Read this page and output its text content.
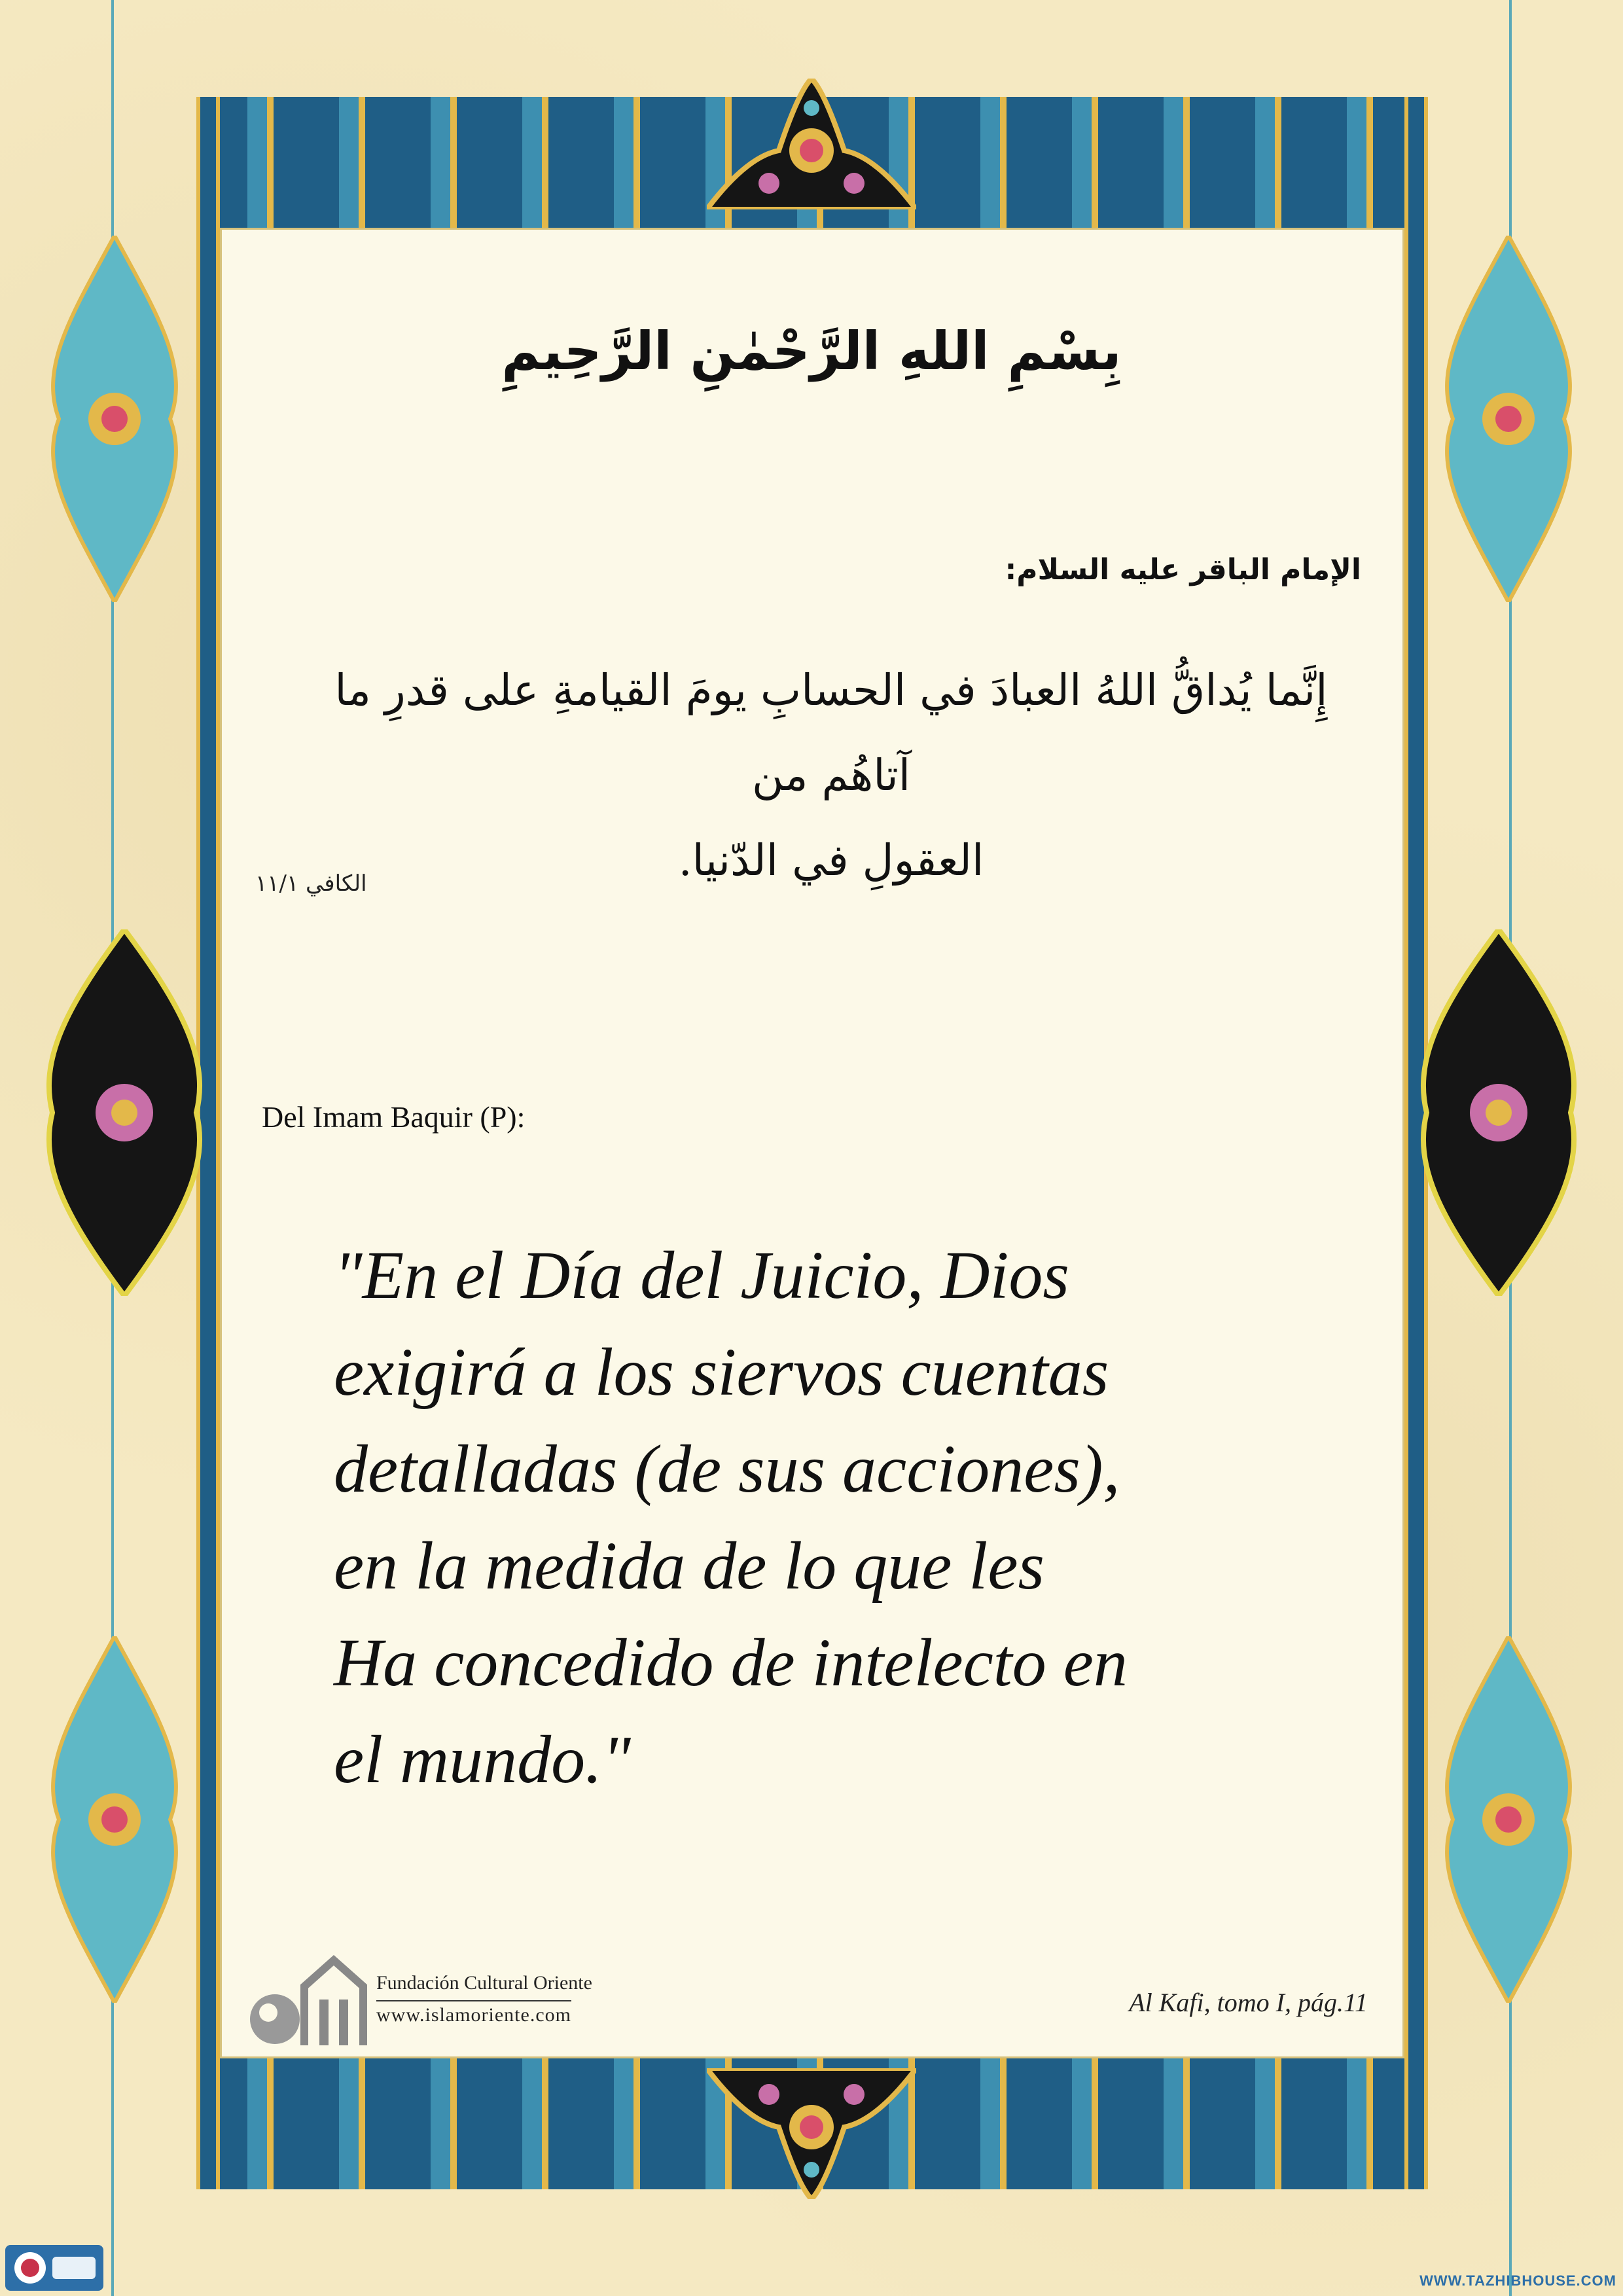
بِسْمِ اللهِ الرَّحْمٰنِ الرَّحِيمِ
الإمام الباقر عليه السلام:
إِنَّما يُداقُّ اللهُ العبادَ في الحسابِ يومَ القيامةِ على قدرِ ما آتاهُم من
العقولِ في الدّنيا.
الكافي ١١/١
Del Imam Baquir (P):
"En el Día del Juicio, Dios
exigirá a los siervos cuentas
detalladas (de sus acciones),
en la medida de lo que les
Ha concedido de intelecto en
el mundo."
Fundación Cultural Oriente
www.islamoriente.com	Al Kafi, tomo I, pág.11
WWW.TAZHIBHOUSE.COM
